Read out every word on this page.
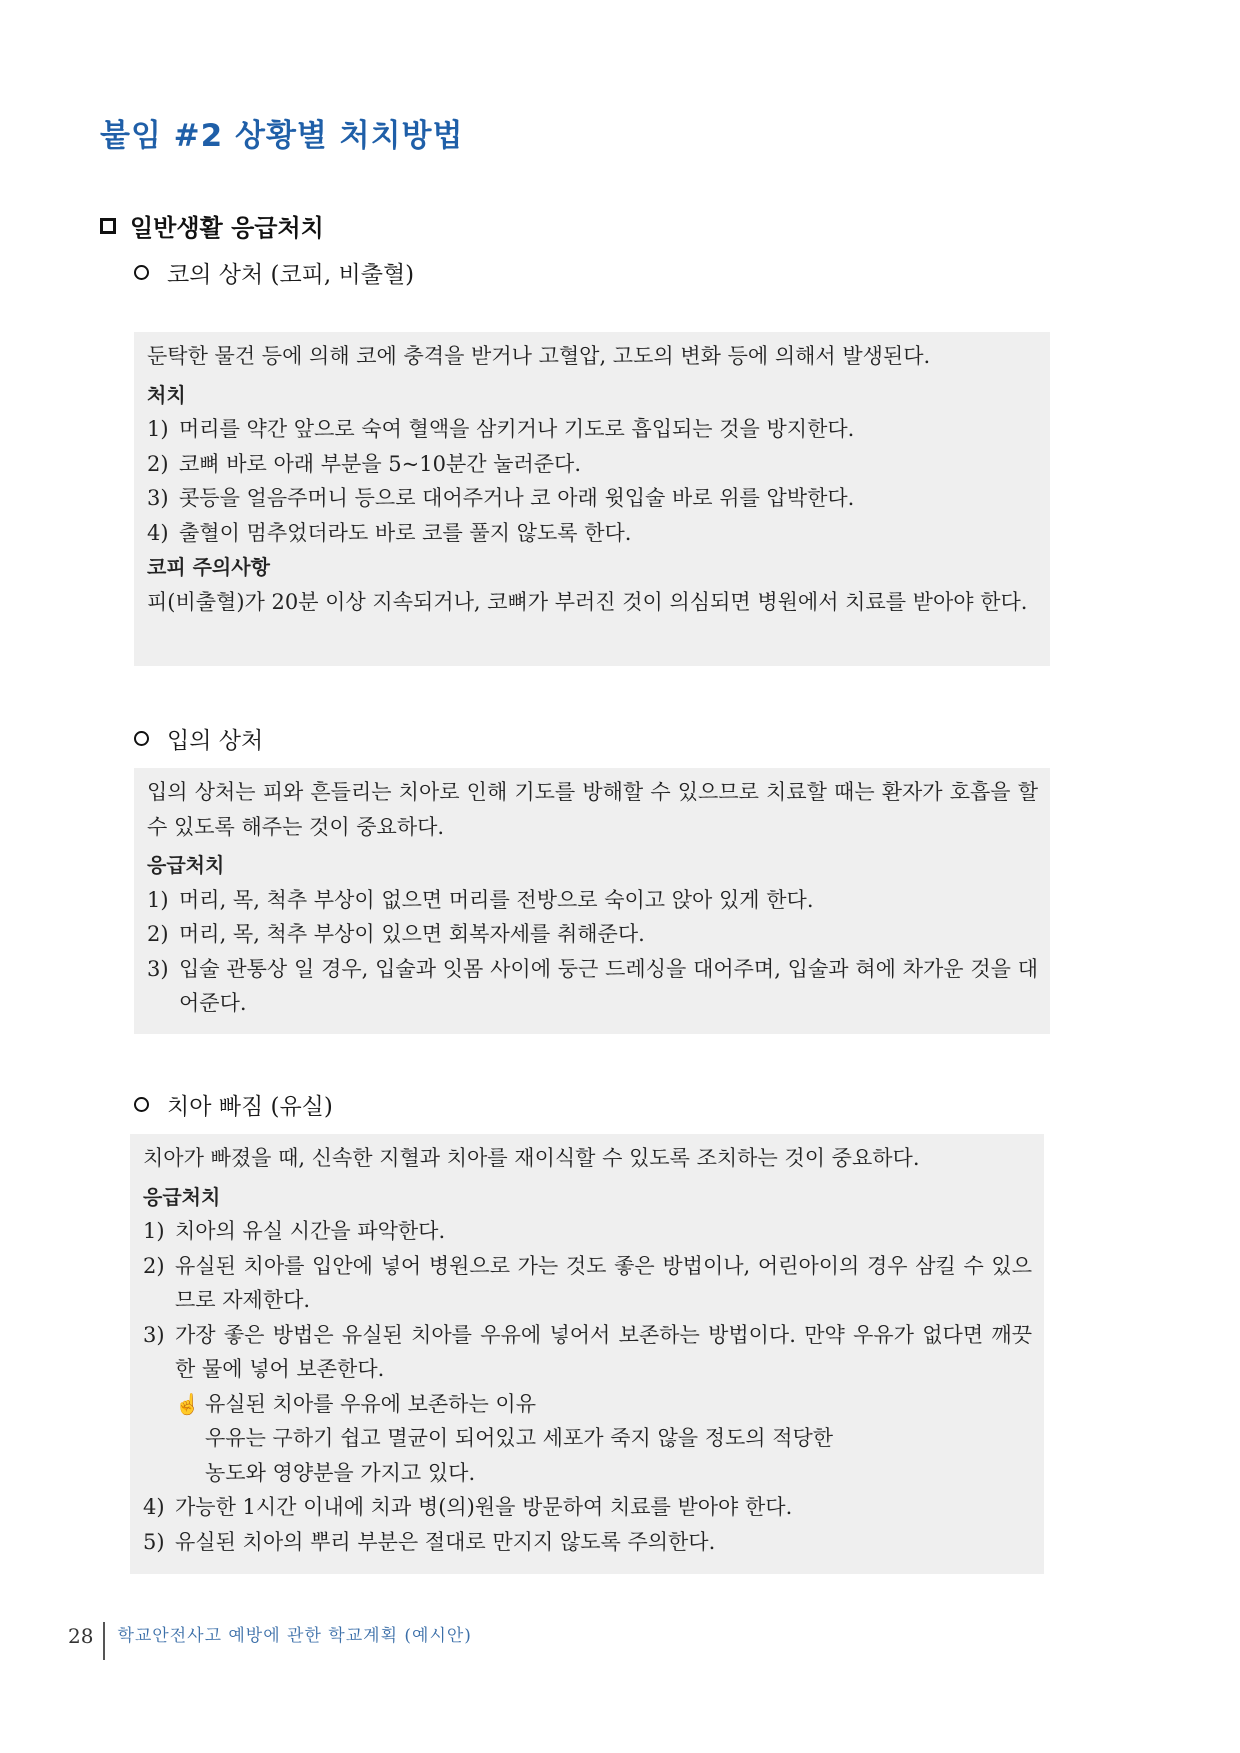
붙임 #2 상황별 처치방법
일반생활 응급처치
코의 상처 (코피, 비출혈)

둔탁한 물건 등에 의해 코에 충격을 받거나 고혈압, 고도의 변화 등에 의해서 발생된다.

처치

1) 머리를 약간 앞으로 숙여 혈액을 삼키거나 기도로 흡입되는 것을 방지한다.
2) 코뼈 바로 아래 부분을 5~10분간 눌러준다.
3) 콧등을 얼음주머니 등으로 대어주거나 코 아래 윗입술 바로 위를 압박한다.
4) 출혈이 멈추었더라도 바로 코를 풀지 않도록 한다.

코피 주의사항

피(비출혈)가 20분 이상 지속되거나, 코뼈가 부러진 것이 의심되면 병원에서 치료를 받아야 한다.

입의 상처

입의 상처는 피와 흔들리는 치아로 인해 기도를 방해할 수 있으므로 치료할 때는 환자가 호흡을 할 수 있도록 해주는 것이 중요하다.

응급처치

1) 머리, 목, 척추 부상이 없으면 머리를 전방으로 숙이고 앉아 있게 한다.
2) 머리, 목, 척추 부상이 있으면 회복자세를 취해준다.
3) 입술 관통상 일 경우, 입술과 잇몸 사이에 둥근 드레싱을 대어주며, 입술과 혀에 차가운 것을 대어준다.
치아 빠짐 (유실)

치아가 빠졌을 때, 신속한 지혈과 치아를 재이식할 수 있도록 조치하는 것이 중요하다.

응급처치

1) 치아의 유실 시간을 파악한다.
2) 유실된 치아를 입안에 넣어 병원으로 가는 것도 좋은 방법이나, 어린아이의 경우 삼킬 수 있으므로 자제한다.
3) 가장 좋은 방법은 유실된 치아를 우유에 넣어서 보존하는 방법이다. 만약 우유가 없다면 깨끗한 물에 넣어 보존한다.
☝ 유실된 치아를 우유에 보존하는 이유
우유는 구하기 쉽고 멸균이 되어있고 세포가 죽지 않을 정도의 적당한
농도와 영양분을 가지고 있다.
4) 가능한 1시간 이내에 치과 병(의)원을 방문하여 치료를 받아야 한다.
5) 유실된 치아의 뿌리 부분은 절대로 만지지 않도록 주의한다.
28 학교안전사고 예방에 관한 학교계획 (예시안)
